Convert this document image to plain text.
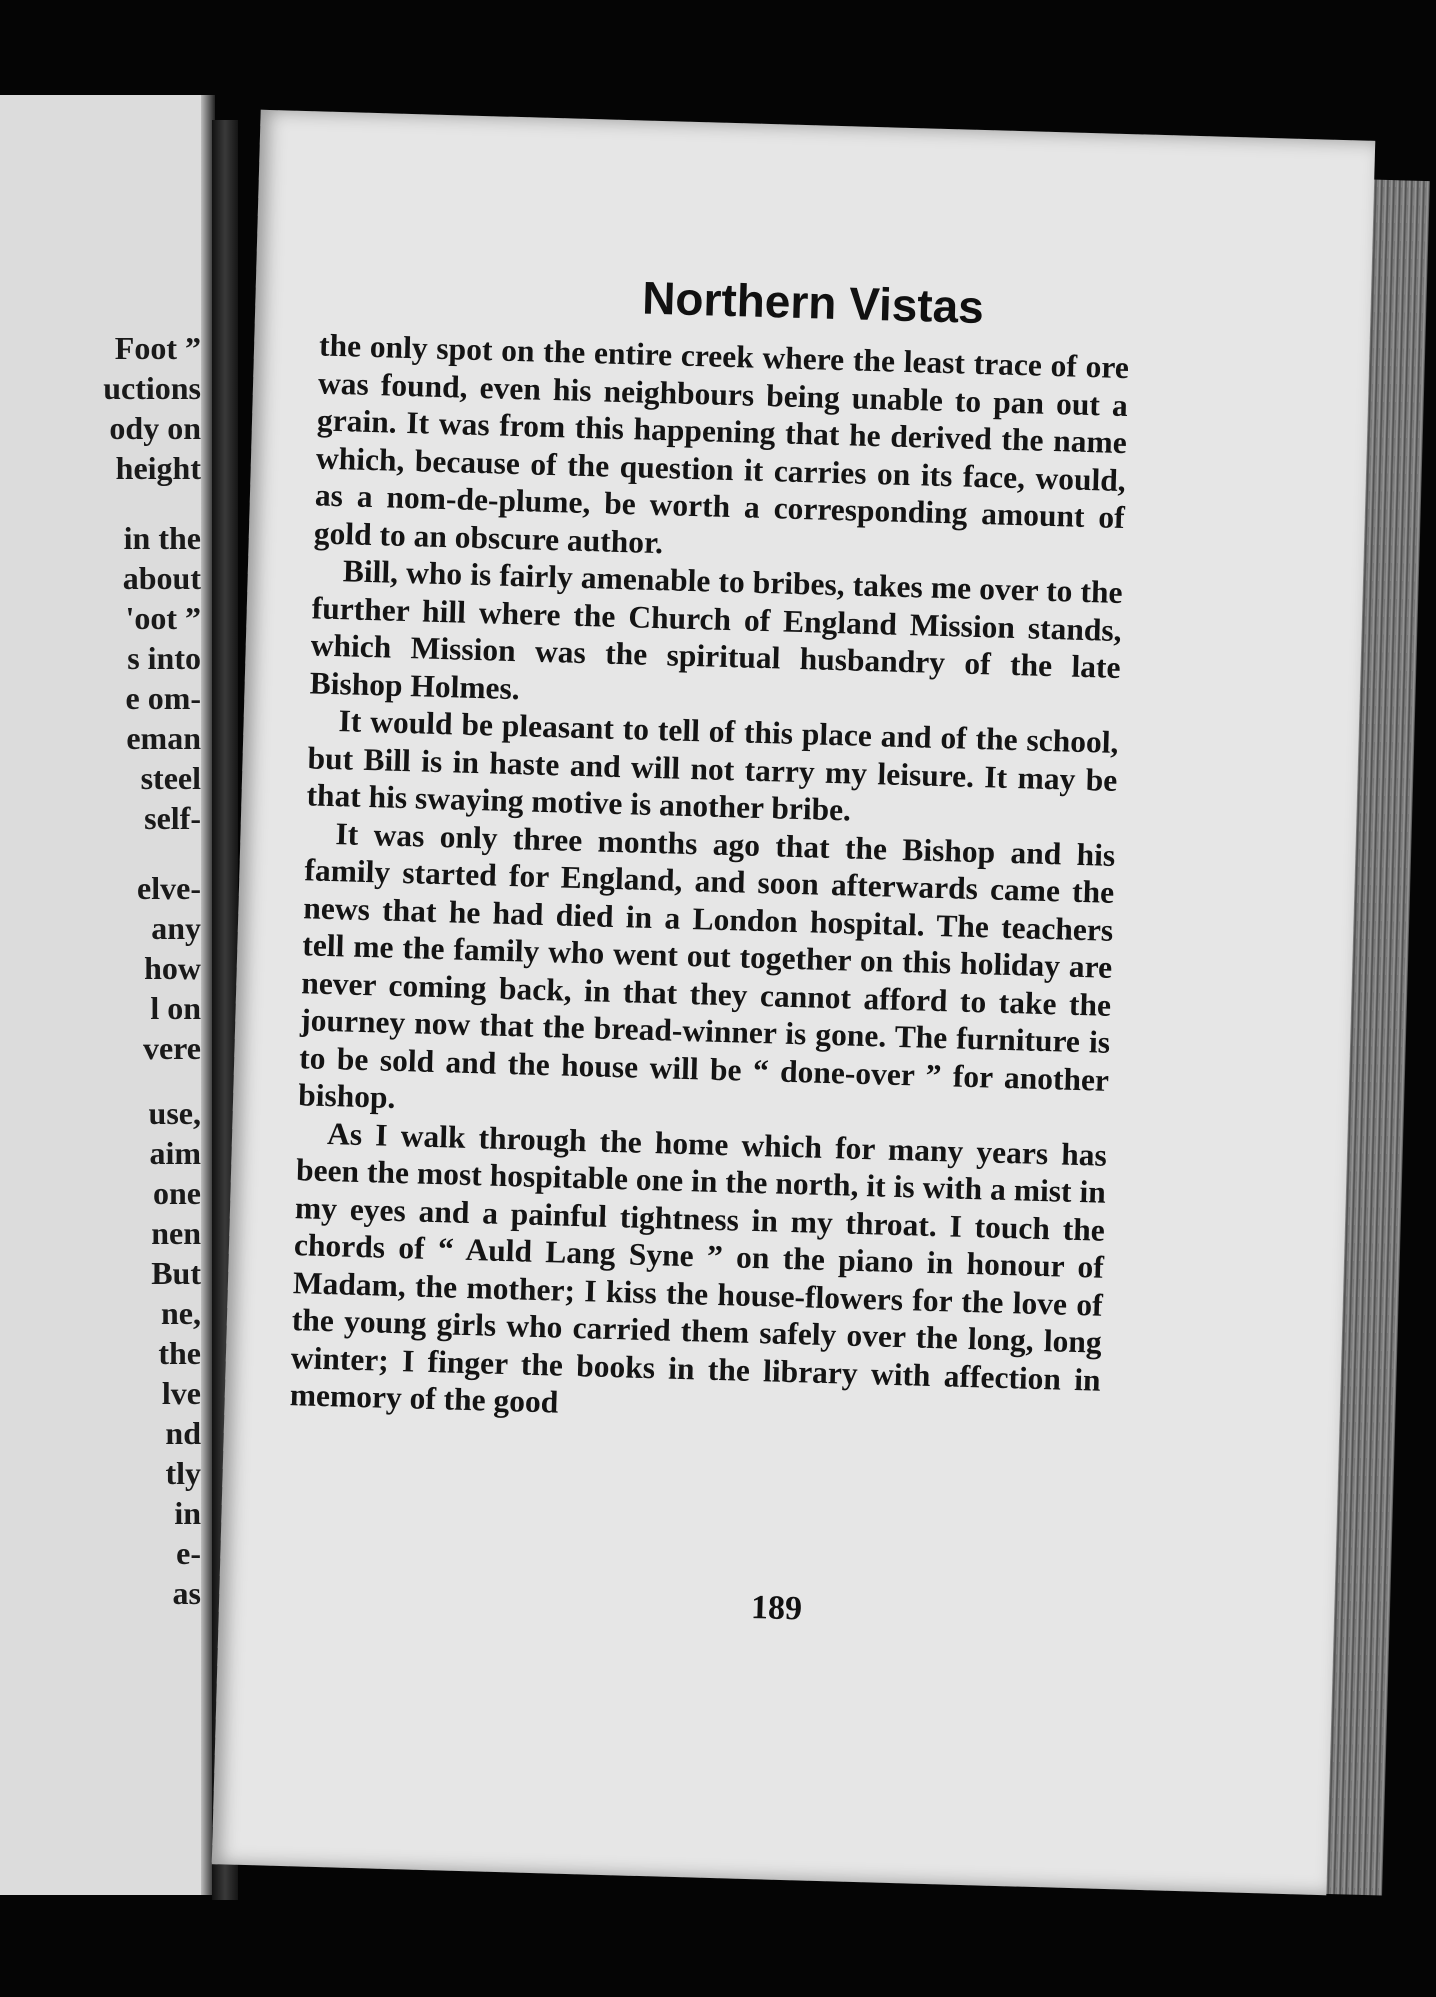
Foot ”
uctions
ody on
height
in the
about
'oot ”
s into
e om-
eman
steel
self-
elve-
any
how
l on
vere
use,
aim
one
nen
But
ne,
the
lve
nd
tly
in
e-
as
Northern Vistas

the only spot on the entire creek where the least trace of ore was found, even his neighbours being unable to pan out a grain. It was from this happening that he derived the name which, because of the question it carries on its face, would, as a nom-de-plume, be worth a corresponding amount of gold to an obscure author.

Bill, who is fairly amenable to bribes, takes me over to the further hill where the Church of England Mission stands, which Mission was the spiritual husbandry of the late Bishop Holmes.

It would be pleasant to tell of this place and of the school, but Bill is in haste and will not tarry my leisure. It may be that his swaying motive is another bribe.

It was only three months ago that the Bishop and his family started for England, and soon afterwards came the news that he had died in a London hospital. The teachers tell me the family who went out together on this holiday are never coming back, in that they cannot afford to take the journey now that the bread-winner is gone. The furniture is to be sold and the house will be “ done-over ” for another bishop.

As I walk through the home which for many years has been the most hospitable one in the north, it is with a mist in my eyes and a painful tightness in my throat. I touch the chords of “ Auld Lang Syne ” on the piano in honour of Madam, the mother; I kiss the house-flowers for the love of the young girls who carried them safely over the long, long winter; I finger the books in the library with affection in memory of the good

189
